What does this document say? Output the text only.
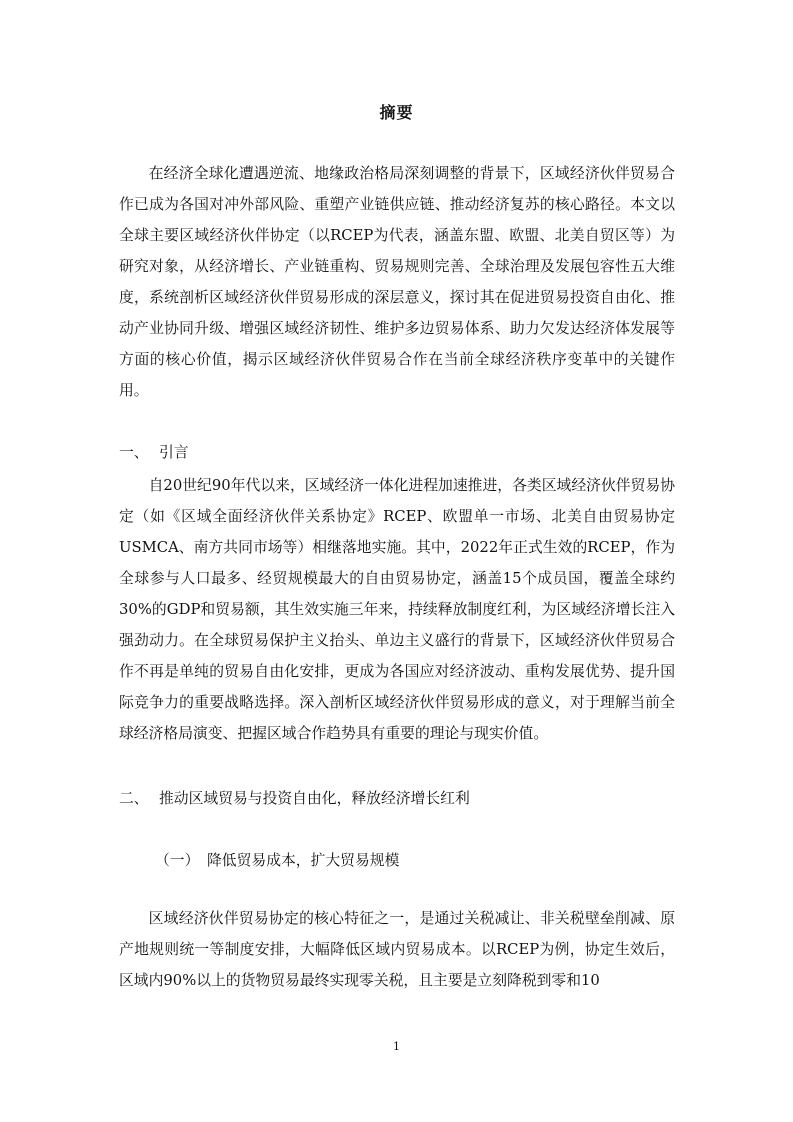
摘要

在经济全球化遭遇逆流、地缘政治格局深刻调整的背景下，区域经济伙伴贸易合作已成为各国对冲外部风险、重塑产业链供应链、推动经济复苏的核心路径。本文以全球主要区域经济伙伴协定（以RCEP为代表，涵盖东盟、欧盟、北美自贸区等）为研究对象，从经济增长、产业链重构、贸易规则完善、全球治理及发展包容性五大维度，系统剖析区域经济伙伴贸易形成的深层意义，探讨其在促进贸易投资自由化、推动产业协同升级、增强区域经济韧性、维护多边贸易体系、助力欠发达经济体发展等方面的核心价值，揭示区域经济伙伴贸易合作在当前全球经济秩序变革中的关键作用。

一、 引言

自20世纪90年代以来，区域经济一体化进程加速推进，各类区域经济伙伴贸易协定（如《区域全面经济伙伴关系协定》RCEP、欧盟单一市场、北美自由贸易协定USMCA、南方共同市场等）相继落地实施。其中，2022年正式生效的RCEP，作为全球参与人口最多、经贸规模最大的自由贸易协定，涵盖15个成员国，覆盖全球约30%的GDP和贸易额，其生效实施三年来，持续释放制度红利，为区域经济增长注入强劲动力。在全球贸易保护主义抬头、单边主义盛行的背景下，区域经济伙伴贸易合作不再是单纯的贸易自由化安排，更成为各国应对经济波动、重构发展优势、提升国际竞争力的重要战略选择。深入剖析区域经济伙伴贸易形成的意义，对于理解当前全球经济格局演变、把握区域合作趋势具有重要的理论与现实价值。

二、 推动区域贸易与投资自由化，释放经济增长红利
（一） 降低贸易成本，扩大贸易规模

区域经济伙伴贸易协定的核心特征之一，是通过关税减让、非关税壁垒削减、原产地规则统一等制度安排，大幅降低区域内贸易成本。以RCEP为例，协定生效后，区域内90%以上的货物贸易最终实现零关税，且主要是立刻降税到零和10

1
